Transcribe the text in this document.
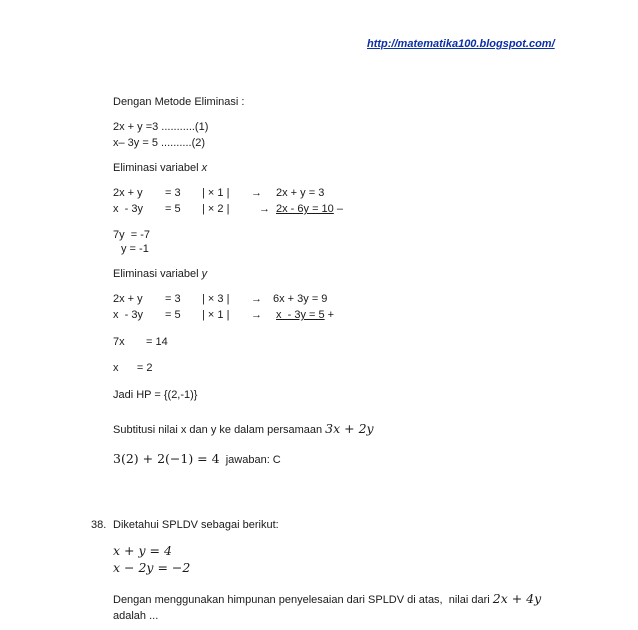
http://matematika100.blogspot.com/
Dengan Metode Eliminasi :
2x + y =3 ...........(1)
x– 3y = 5 ..........(2)
Eliminasi variabel x
2x + y = 3 | × 1 | → 2x + y = 3
x  - 3y = 5 | × 2 |	→ 2x - 6y = 10 –
7y  = -7
y = -1
Eliminasi variabel y
2x + y = 3 | × 3 | → 6x + 3y = 9
x  - 3y = 5 | × 1 | → x  - 3y = 5 +
7x       = 14
x      = 2
Jadi HP = {(2,-1)}
Subtitusi nilai x dan y ke dalam persamaan 3x + 2y
3(2) + 2(−1) = 4 jawaban: C
38. Diketahui SPLDV sebagai berikut:
x + y = 4
x − 2y = −2
Dengan menggunakan himpunan penyelesaian dari SPLDV di atas,  nilai dari 2x + 4y
adalah ...
